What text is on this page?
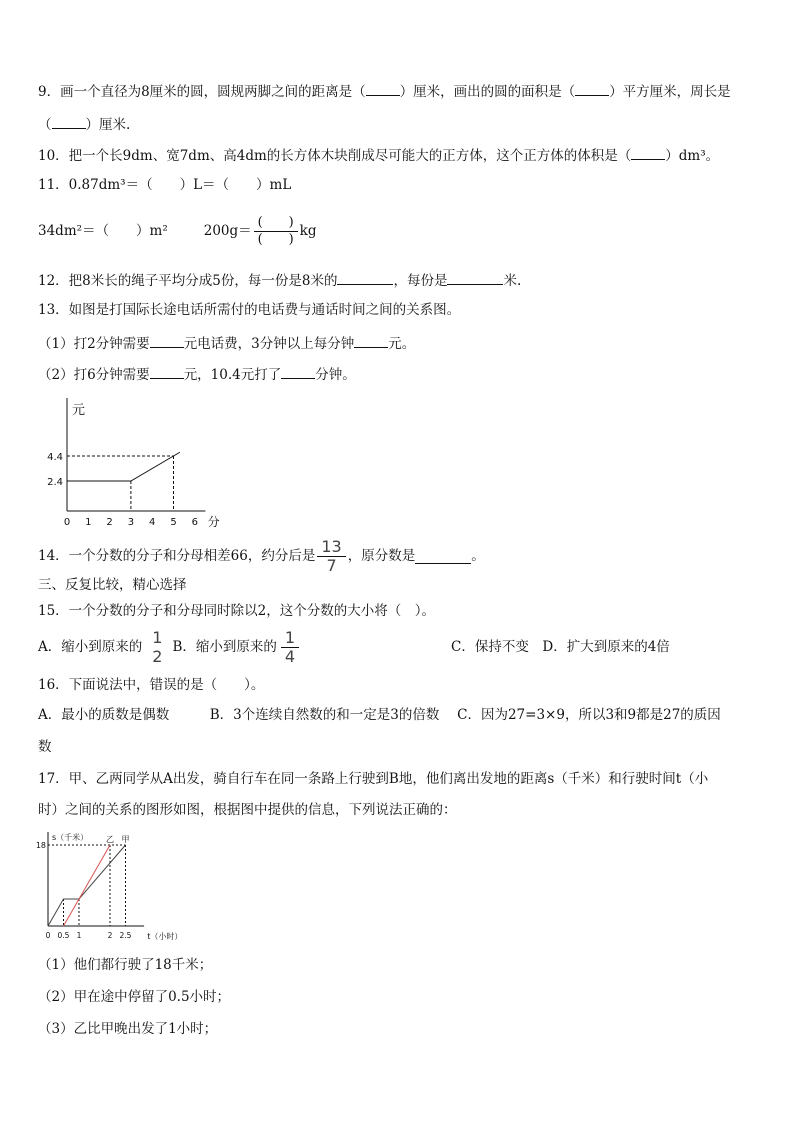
9．画一个直径为8厘米的圆，圆规两脚之间的距离是（	）厘米，画出的圆的面积是（	）平方厘米，周长是
（	）厘米.
10．把一个长9dm、宽7dm、高4dm的长方体木块削成尽可能大的正方体，这个正方体的体积是（	）dm³。
11．0.87dm³＝（　　）L＝（　　）mL
34dm²＝（　　）m²	$200g= \frac{( )}{( )}$ kg
12．把8米长的绳子平均分成5份，每一份是8米的	，每份是	米.
13．如图是打国际长途电话所需付的电话费与通话时间之间的关系图。
（1）打2分钟需要	元电话费，3分钟以上每分钟	元。
（2）打6分钟需要	元，10.4元打了	分钟。
元
分
0 1 2 3 4 5 6
2.4
4.4
14．一个分数的分子和分母相差66，约分后是 $\frac{13}{7}$ ，原分数是	。
三、反复比较，精心选择
15．一个分数的分子和分母同时除以2，这个分数的大小将（　）。
A．缩小到原来的 $\frac{1}{2}$ B．缩小到原来的 $\frac{1}{4}$	C．保持不变　D．扩大到原来的4倍
16．下面说法中，错误的是（　　）。
A．最小的质数是偶数　　　B．3个连续自然数的和一定是3的倍数　 C．因为27=3×9，所以3和9都是27的质因
数
17．甲、乙两同学从A出发，骑自行车在同一条路上行驶到B地，他们离出发地的距离s（千米）和行驶时间t（小
时）之间的关系的图形如图，根据图中提供的信息，下列说法正确的：
s（千米）
t（小时）
0 0.5 1	2 2.5
18
甲
乙
（1）他们都行驶了18千米；
（2）甲在途中停留了0.5小时；
（3）乙比甲晚出发了1小时；
